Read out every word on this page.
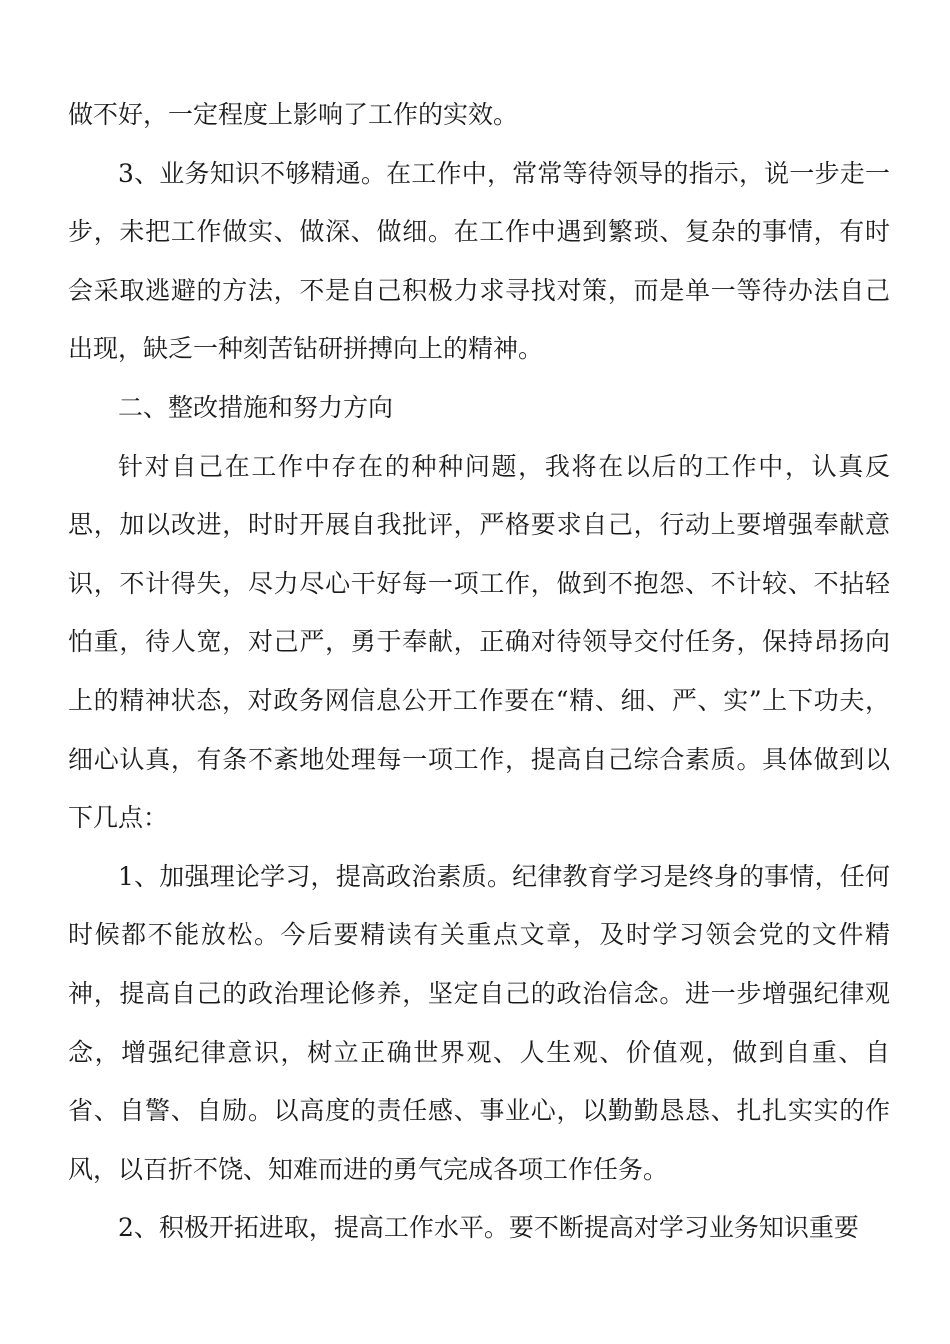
做不好，一定程度上影响了工作的实效。

3、业务知识不够精通。在工作中，常常等待领导的指示，说一步走一步，未把工作做实、做深、做细。在工作中遇到繁琐、复杂的事情，有时会采取逃避的方法，不是自己积极力求寻找对策，而是单一等待办法自己出现，缺乏一种刻苦钻研拼搏向上的精神。

二、整改措施和努力方向

针对自己在工作中存在的种种问题，我将在以后的工作中，认真反思，加以改进，时时开展自我批评，严格要求自己，行动上要增强奉献意识，不计得失，尽力尽心干好每一项工作，做到不抱怨、不计较、不拈轻怕重，待人宽，对己严，勇于奉献，正确对待领导交付任务，保持昂扬向上的精神状态，对政务网信息公开工作要在“精、细、严、实”上下功夫，细心认真，有条不紊地处理每一项工作，提高自己综合素质。具体做到以下几点：

1、加强理论学习，提高政治素质。纪律教育学习是终身的事情，任何时候都不能放松。今后要精读有关重点文章，及时学习领会党的文件精神，提高自己的政治理论修养，坚定自己的政治信念。进一步增强纪律观念，增强纪律意识，树立正确世界观、人生观、价值观，做到自重、自省、自警、自励。以高度的责任感、事业心，以勤勤恳恳、扎扎实实的作风，以百折不饶、知难而进的勇气完成各项工作任务。

2、积极开拓进取，提高工作水平。要不断提高对学习业务知识重要
